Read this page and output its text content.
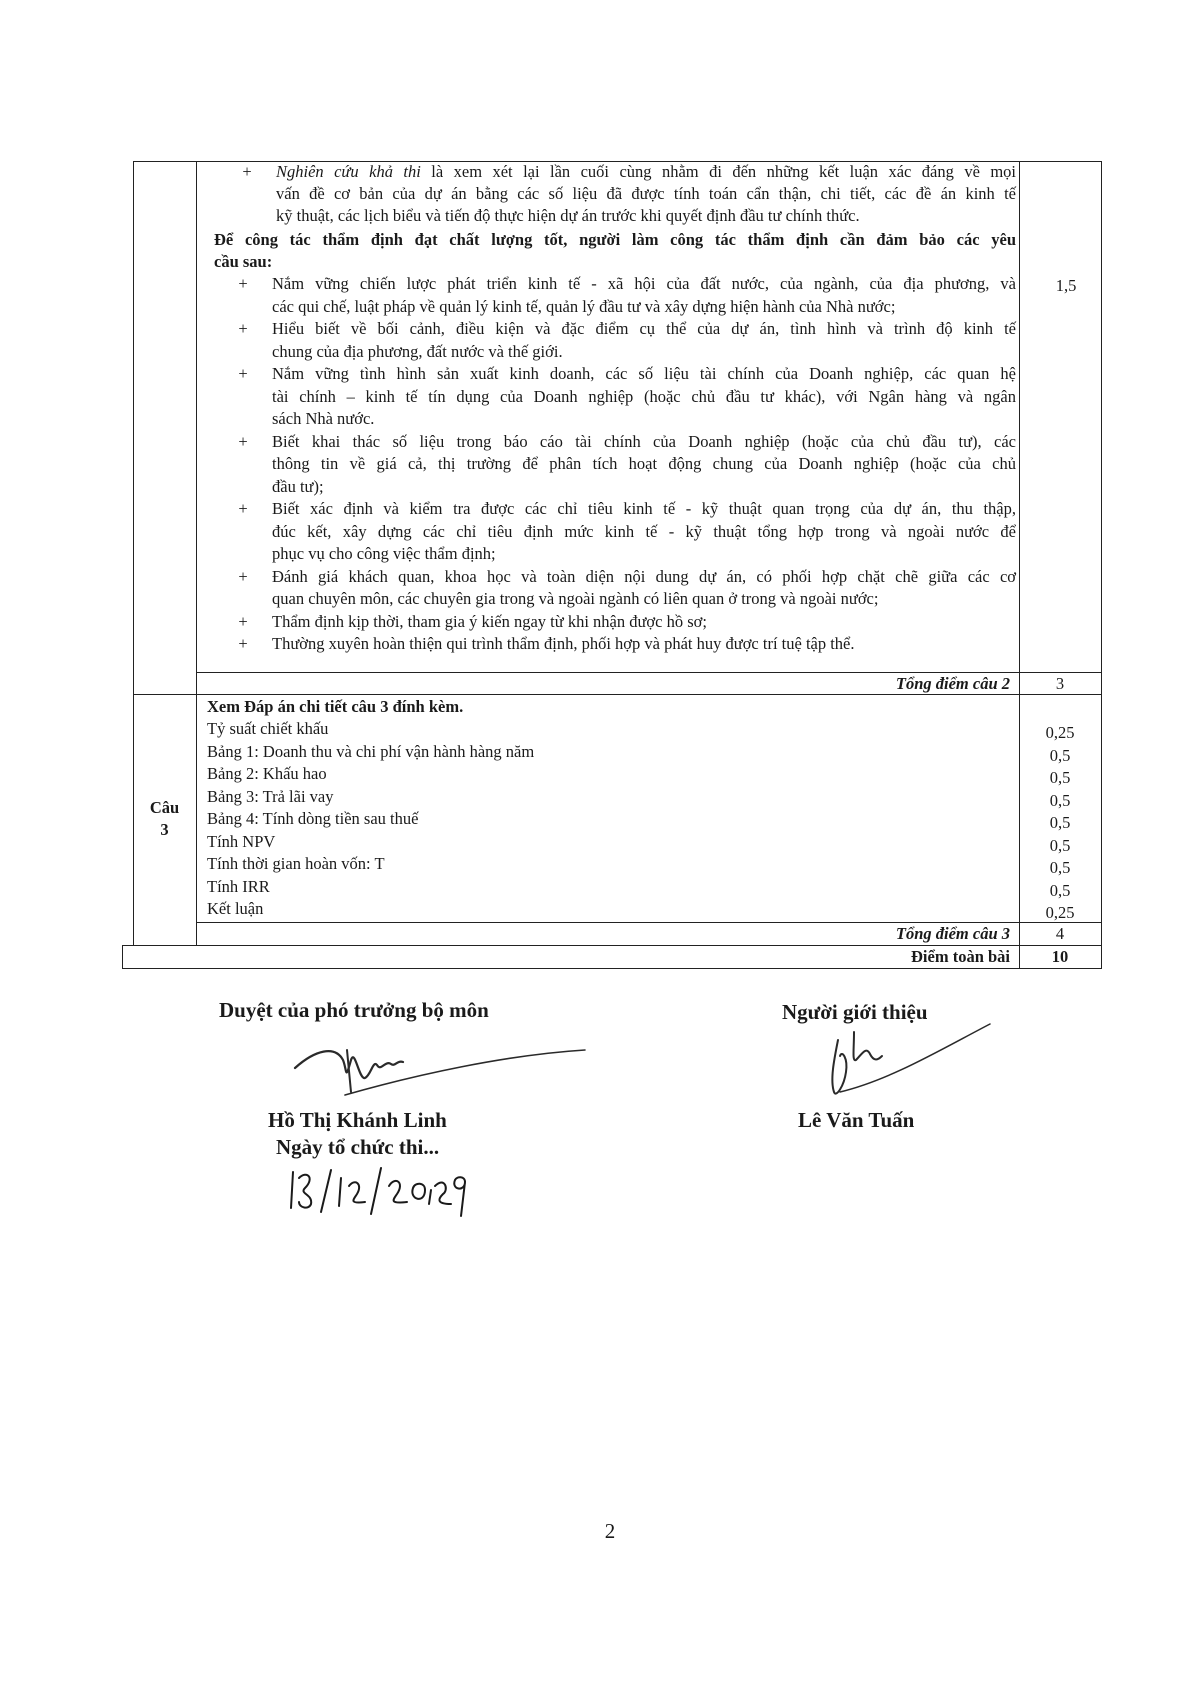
+ Nghiên cứu khả thi là xem xét lại lần cuối cùng nhằm đi đến những kết luận xác đáng về mọi
vấn đề cơ bản của dự án bằng các số liệu đã được tính toán cẩn thận, chi tiết, các đề án kinh tế
kỹ thuật, các lịch biểu và tiến độ thực hiện dự án trước khi quyết định đầu tư chính thức.
Để công tác thẩm định đạt chất lượng tốt, người làm công tác thẩm định cần đảm bảo các yêu
cầu sau:
+ Nắm vững chiến lược phát triển kinh tế - xã hội của đất nước, của ngành, của địa phương, và
các qui chế, luật pháp về quản lý kinh tế, quản lý đầu tư và xây dựng hiện hành của Nhà nước;
+ Hiểu biết về bối cảnh, điều kiện và đặc điểm cụ thể của dự án, tình hình và trình độ kinh tế
chung của địa phương, đất nước và thế giới.
+ Nắm vững tình hình sản xuất kinh doanh, các số liệu tài chính của Doanh nghiệp, các quan hệ
tài chính – kinh tế tín dụng của Doanh nghiệp (hoặc chủ đầu tư khác), với Ngân hàng và ngân
sách Nhà nước.
+ Biết khai thác số liệu trong báo cáo tài chính của Doanh nghiệp (hoặc của chủ đầu tư), các
thông tin về giá cả, thị trường để phân tích hoạt động chung của Doanh nghiệp (hoặc của chủ
đầu tư);
+ Biết xác định và kiểm tra được các chỉ tiêu kinh tế - kỹ thuật quan trọng của dự án, thu thập,
đúc kết, xây dựng các chỉ tiêu định mức kinh tế - kỹ thuật tổng hợp trong và ngoài nước để
phục vụ cho công việc thẩm định;
+ Đánh giá khách quan, khoa học và toàn diện nội dung dự án, có phối hợp chặt chẽ giữa các cơ
quan chuyên môn, các chuyên gia trong và ngoài ngành có liên quan ở trong và ngoài nước;
+ Thẩm định kịp thời, tham gia ý kiến ngay từ khi nhận được hồ sơ;
+ Thường xuyên hoàn thiện qui trình thẩm định, phối hợp và phát huy được trí tuệ tập thể.
1,5
Tổng điểm câu 2	3
Câu
3
Xem Đáp án chi tiết câu 3 đính kèm.
Tỷ suất chiết khấu	0,25
Bảng 1: Doanh thu và chi phí vận hành hàng năm	0,5
Bảng 2: Khấu hao	0,5
Bảng 3: Trả lãi vay	0,5
Bảng 4: Tính dòng tiền sau thuế	0,5
Tính NPV	0,5
Tính thời gian hoàn vốn: T	0,5
Tính IRR	0,5
Kết luận	0,25
Tổng điểm câu 3	4
Điểm toàn bài	10
Duyệt của phó trưởng bộ môn
Hồ Thị Khánh Linh
Ngày tổ chức thi...
Người giới thiệu
Lê Văn Tuấn
2
